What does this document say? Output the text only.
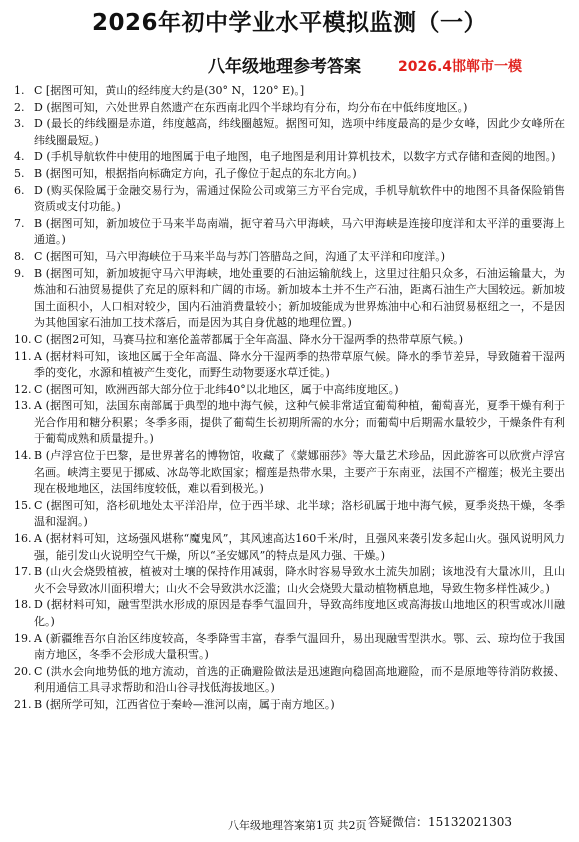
2026年初中学业水平模拟监测（一）
八年级地理参考答案	2026.4邯郸市一模
1. C [据图可知，黄山的经纬度大约是(30° N，120° E)。]
2. D (据图可知，六处世界自然遗产在东西南北四个半球均有分布，均分布在中低纬度地区。)
3. D (最长的纬线圈是赤道，纬度越高，纬线圈越短。据图可知，选项中纬度最高的是少女峰，因此少女峰所在纬线圈最短。)
4. D (手机导航软件中使用的地图属于电子地图，电子地图是利用计算机技术，以数字方式存储和查阅的地图。)
5. B (据图可知，根据指向标确定方向，孔子像位于起点的东北方向。)
6. D (购买保险属于金融交易行为，需通过保险公司或第三方平台完成，手机导航软件中的地图不具备保险销售资质或支付功能。)
7. B (据图可知，新加坡位于马来半岛南端，扼守着马六甲海峡，马六甲海峡是连接印度洋和太平洋的重要海上通道。)
8. C (据图可知，马六甲海峡位于马来半岛与苏门答腊岛之间，沟通了太平洋和印度洋。)
9. B (据图可知，新加坡扼守马六甲海峡，地处重要的石油运输航线上，这里过往船只众多，石油运输量大，为炼油和石油贸易提供了充足的原料和广阔的市场。新加坡本土并不生产石油，距离石油生产大国较远。新加坡国土面积小，人口相对较少，国内石油消费量较小；新加坡能成为世界炼油中心和石油贸易枢纽之一，不是因为其他国家石油加工技术落后，而是因为其自身优越的地理位置。)
10. C (据图2可知，马赛马拉和塞伦盖蒂都属于全年高温、降水分干湿两季的热带草原气候。)
11. A (据材料可知，该地区属于全年高温、降水分干湿两季的热带草原气候。降水的季节差异，导致随着干湿两季的变化，水源和植被产生变化，而野生动物要逐水草迁徙。)
12. C (据图可知，欧洲西部大部分位于北纬40°以北地区，属于中高纬度地区。)
13. A (据图可知，法国东南部属于典型的地中海气候，这种气候非常适宜葡萄种植，葡萄喜光，夏季干燥有利于光合作用和糖分积累；冬季多雨，提供了葡萄生长初期所需的水分；而葡萄中后期需水量较少，干燥条件有利于葡萄成熟和质量提升。)
14. B (卢浮宫位于巴黎，是世界著名的博物馆，收藏了《蒙娜丽莎》等大量艺术珍品，因此游客可以欣赏卢浮宫名画。峡湾主要见于挪威、冰岛等北欧国家；榴莲是热带水果，主要产于东南亚，法国不产榴莲；极光主要出现在极地地区，法国纬度较低，难以看到极光。)
15. C (据图可知，洛杉矶地处太平洋沿岸，位于西半球、北半球；洛杉矶属于地中海气候，夏季炎热干燥，冬季温和湿润。)
16. A (据材料可知，这场强风堪称“魔鬼风”，其风速高达160千米/时，且强风来袭引发多起山火。强风说明风力强，能引发山火说明空气干燥，所以“圣安娜风”的特点是风力强、干燥。)
17. B (山火会烧毁植被，植被对土壤的保持作用减弱，降水时容易导致水土流失加剧；该地没有大量冰川，且山火不会导致冰川面积增大；山火不会导致洪水泛滥；山火会烧毁大量动植物栖息地，导致生物多样性减少。)
18. D (据材料可知，融雪型洪水形成的原因是春季气温回升，导致高纬度地区或高海拔山地地区的积雪或冰川融化。)
19. A (新疆维吾尔自治区纬度较高，冬季降雪丰富，春季气温回升，易出现融雪型洪水。鄂、云、琼均位于我国南方地区，冬季不会形成大量积雪。)
20. C (洪水会向地势低的地方流动，首选的正确避险做法是迅速跑向稳固高地避险，而不是原地等待消防救援、利用通信工具寻求帮助和沿山谷寻找低海拔地区。)
21. B (据所学可知，江西省位于秦岭—淮河以南，属于南方地区。)
八年级地理答案第1页 共2页 答疑微信：15132021303
